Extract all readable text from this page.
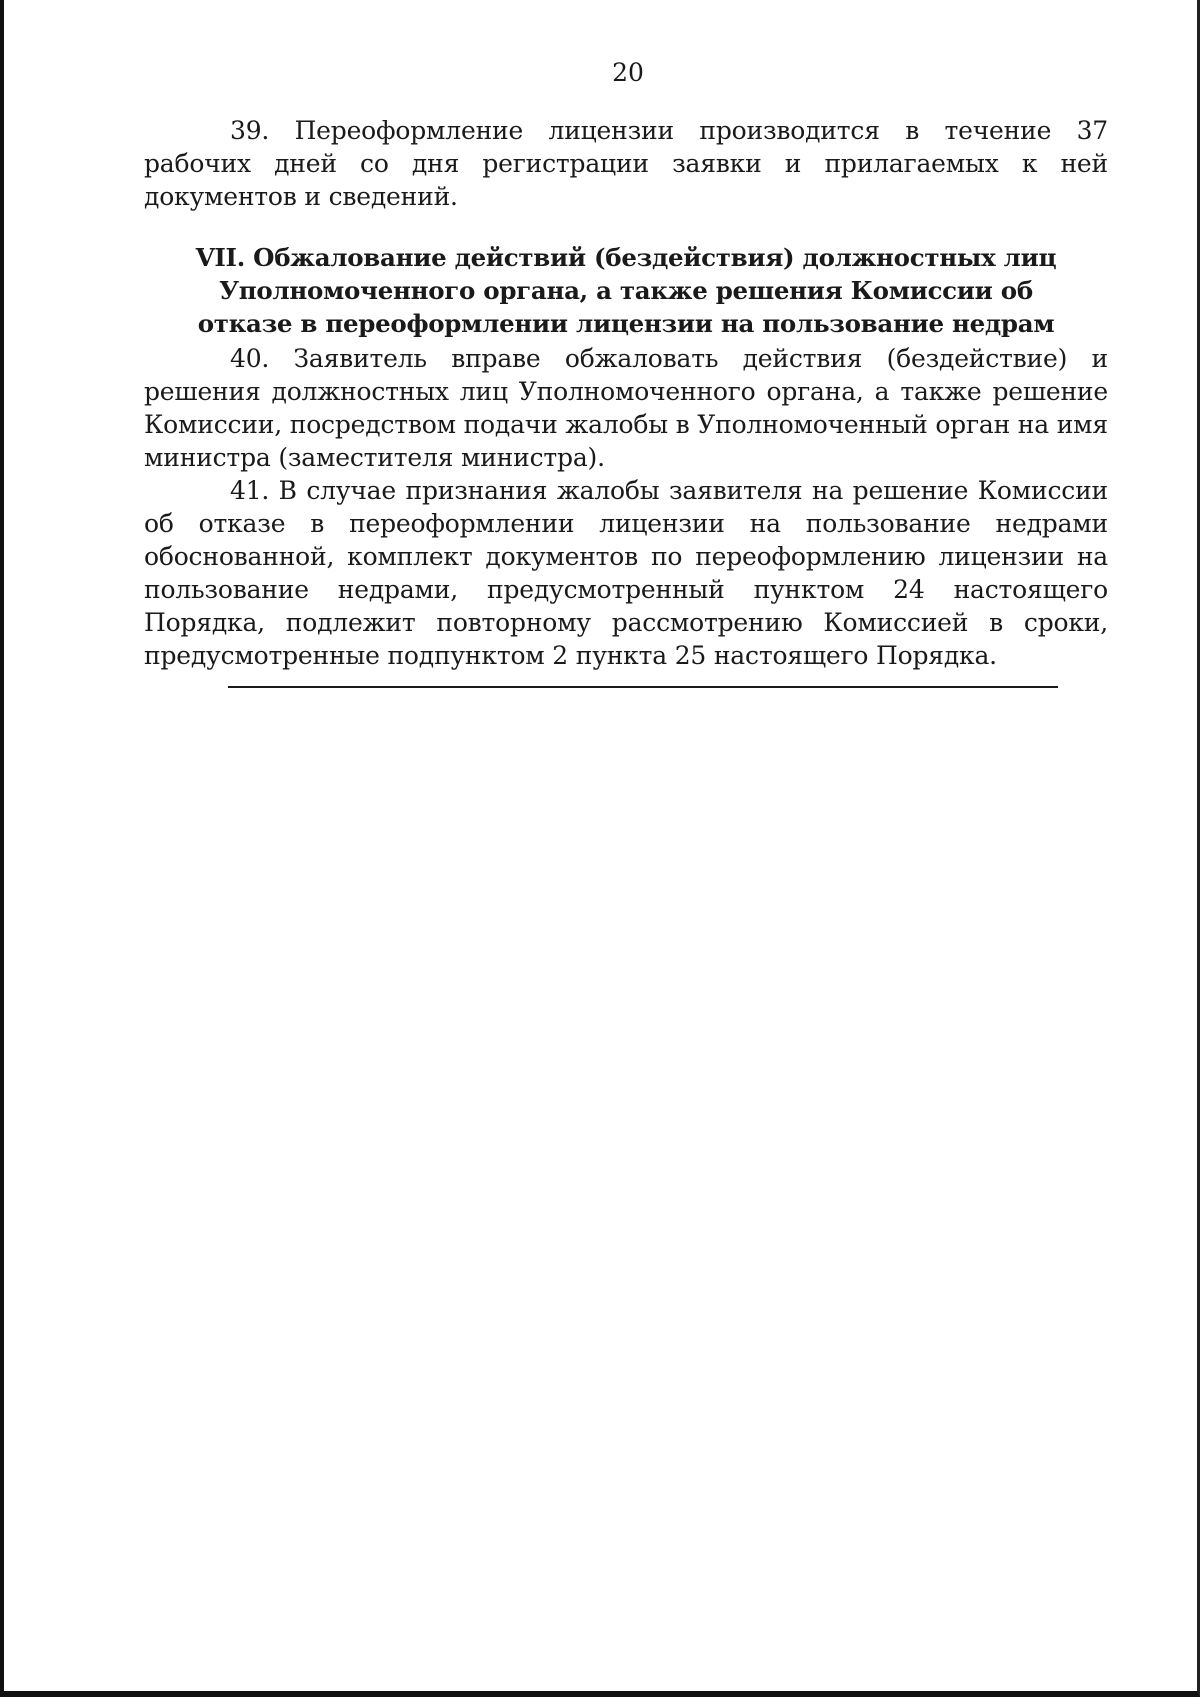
20

39. Переоформление лицензии производится в течение 37 рабочих дней со дня регистрации заявки и прилагаемых к ней документов и сведений.

VII. Обжалование действий (бездействия) должностных лиц Уполномоченного органа, а также решения Комиссии об отказе в переоформлении лицензии на пользование недрам

40. Заявитель вправе обжаловать действия (бездействие) и решения должностных лиц Уполномоченного органа, а также решение Комиссии, посредством подачи жалобы в Уполномоченный орган на имя министра (заместителя министра).

41. В случае признания жалобы заявителя на решение Комиссии об отказе в переоформлении лицензии на пользование недрами обоснованной, комплект документов по переоформлению лицензии на пользование недрами, предусмотренный пунктом 24 настоящего Порядка, подлежит повторному рассмотрению Комиссией в сроки, предусмотренные подпунктом 2 пункта 25 настоящего Порядка.
